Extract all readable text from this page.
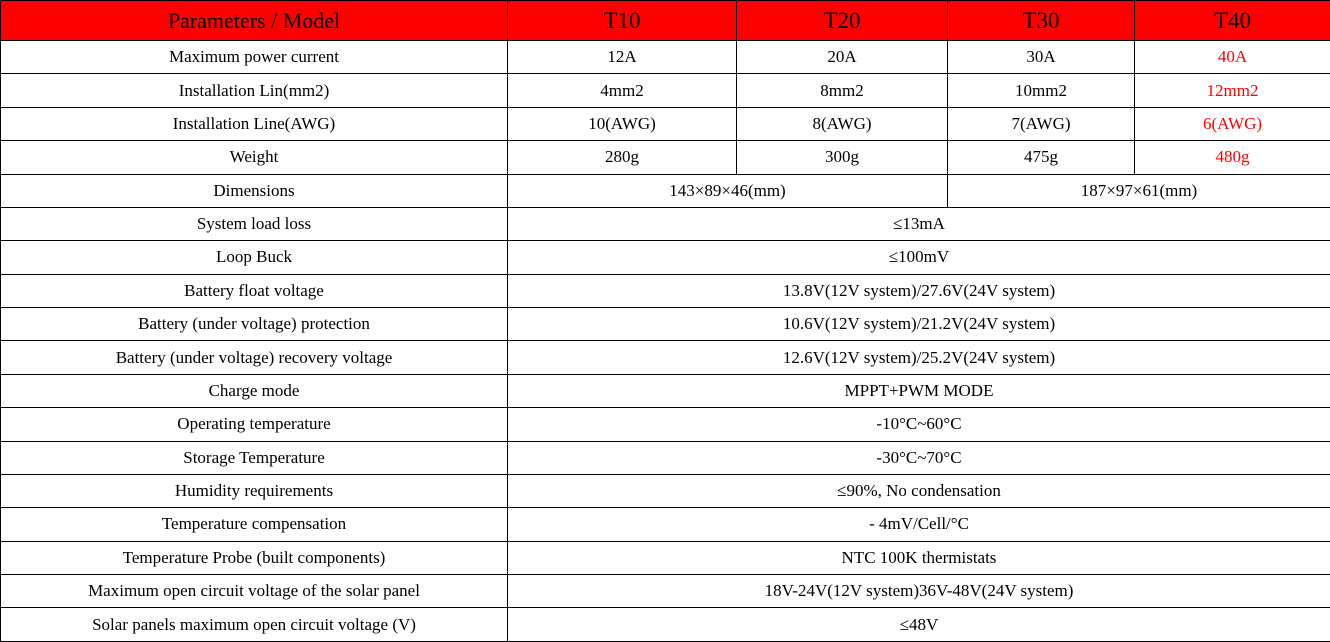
Parameters / Model	T10	T20	T30	T40
Maximum power current	12A	20A	30A	40A
Installation Lin(mm2)	4mm2	8mm2	10mm2	12mm2
Installation Line(AWG)	10(AWG)	8(AWG)	7(AWG)	6(AWG)
Weight	280g	300g	475g	480g
Dimensions	143×89×46(mm)		187×97×61(mm)	
System load loss	≤13mA			
Loop Buck	≤100mV			
Battery float voltage	13.8V(12V system)/27.6V(24V system)			
Battery (under voltage) protection	10.6V(12V system)/21.2V(24V system)			
Battery (under voltage) recovery voltage	12.6V(12V system)/25.2V(24V system)			
Charge mode	MPPT+PWM MODE			
Operating temperature	-10°C~60°C			
Storage Temperature	-30°C~70°C			
Humidity requirements	≤90%, No condensation			
Temperature compensation	- 4mV/Cell/°C			
Temperature Probe (built components)	NTC 100K thermistats			
Maximum open circuit voltage of the solar panel	18V-24V(12V system)36V-48V(24V system)			
Solar panels maximum open circuit voltage (V)	≤48V			
